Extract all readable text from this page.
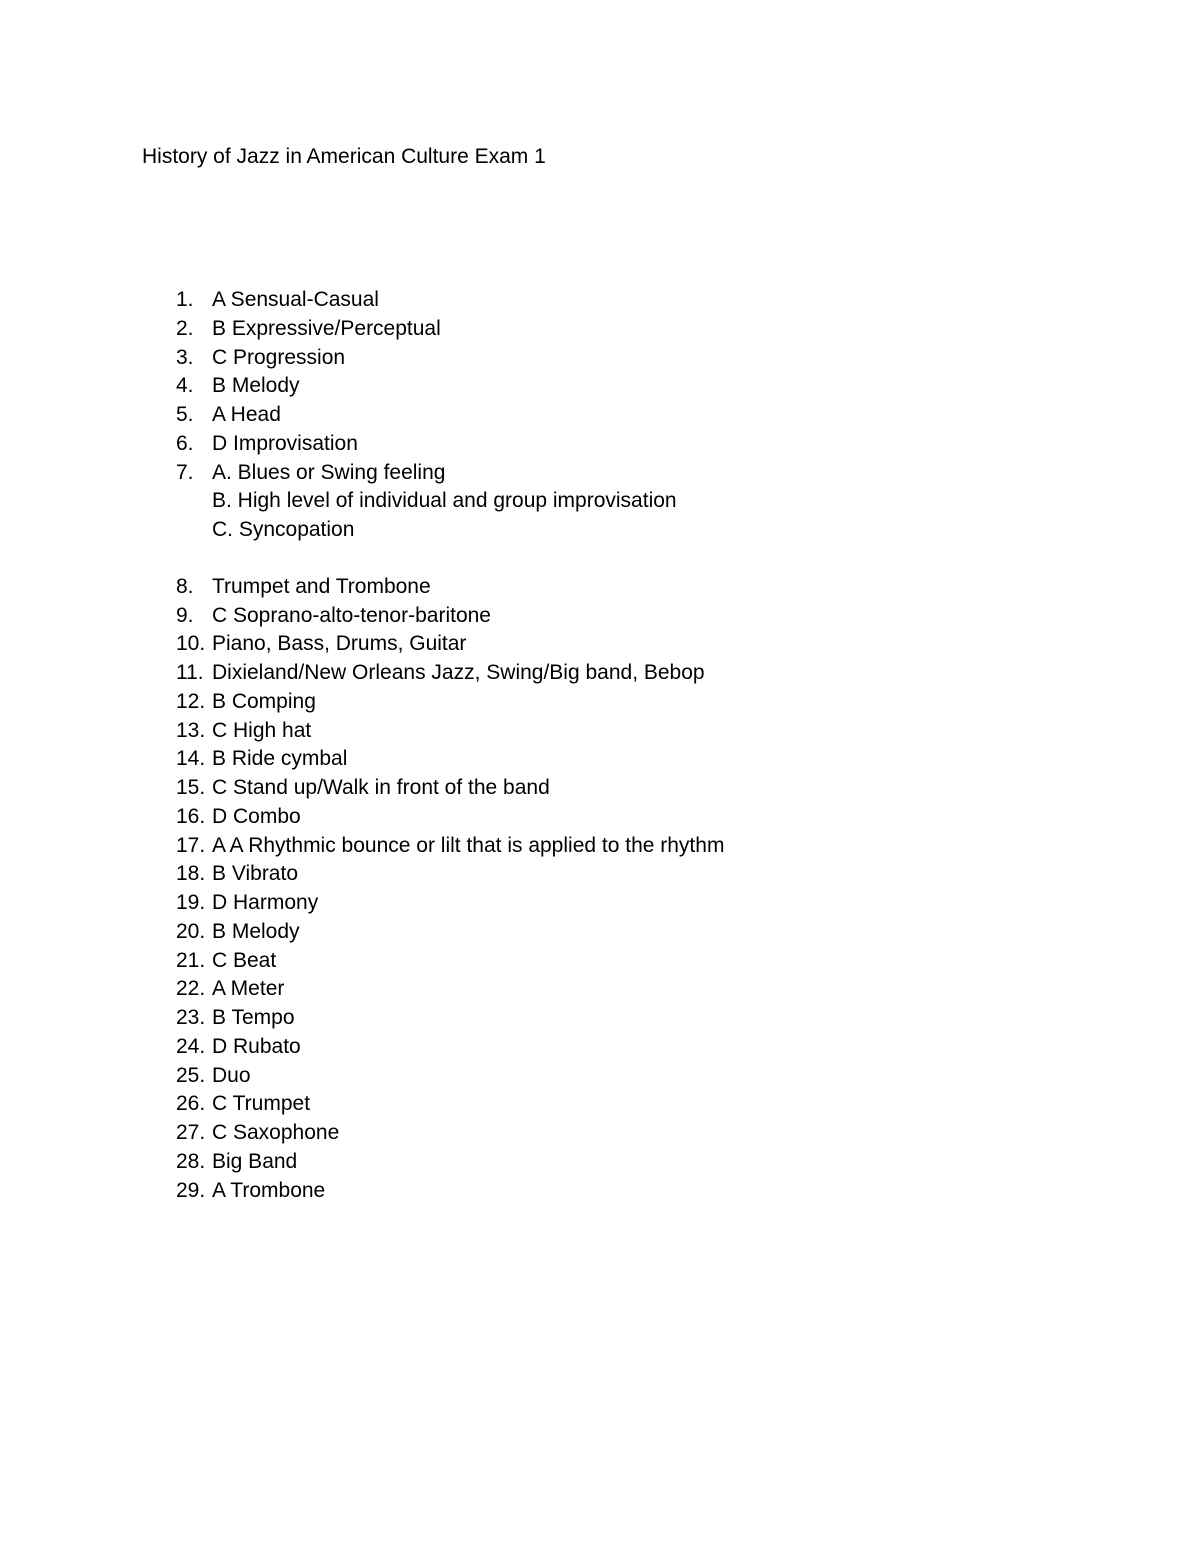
History of Jazz in American Culture Exam 1
1. A Sensual-Casual
2. B Expressive/Perceptual
3. C Progression
4. B Melody
5. A Head
6. D Improvisation
7. A. Blues or Swing feeling
B. High level of individual and group improvisation
C. Syncopation
8. Trumpet and Trombone
9. C Soprano-alto-tenor-baritone
10. Piano, Bass, Drums, Guitar
11. Dixieland/New Orleans Jazz, Swing/Big band, Bebop
12. B Comping
13. C High hat
14. B Ride cymbal
15. C Stand up/Walk in front of the band
16. D Combo
17. A A Rhythmic bounce or lilt that is applied to the rhythm
18. B Vibrato
19. D Harmony
20. B Melody
21. C Beat
22. A Meter
23. B Tempo
24. D Rubato
25. Duo
26. C Trumpet
27. C Saxophone
28. Big Band
29. A Trombone
